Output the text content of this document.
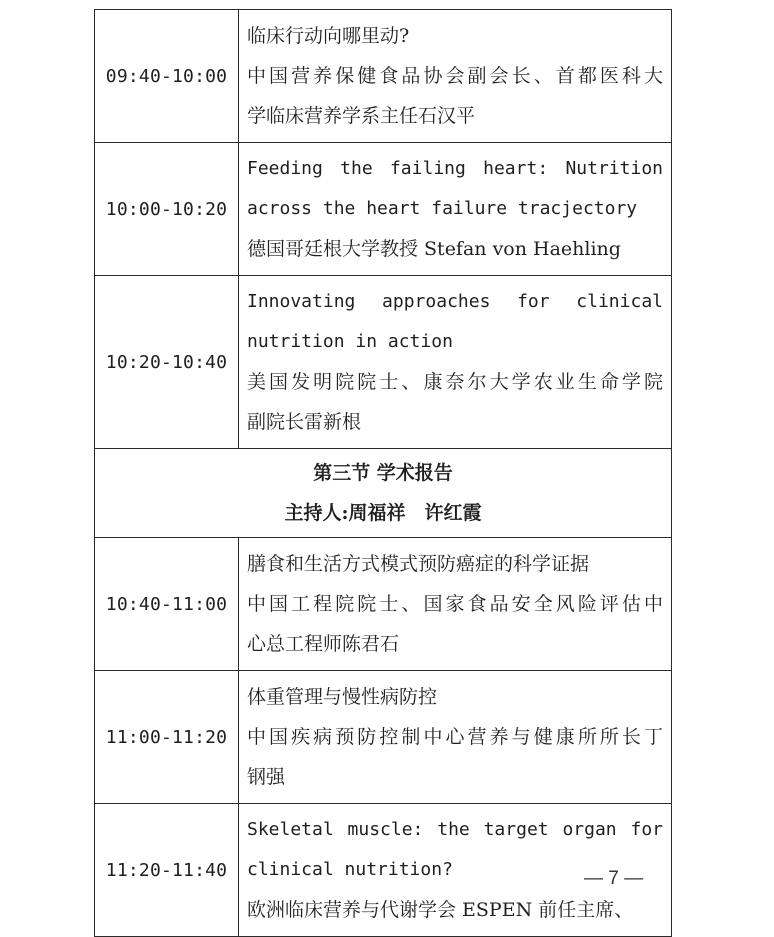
09:40-10:00	临床行动向哪里动?
中国营养保健食品协会副会长、首都医科大
学临床营养学系主任石汉平

10:00-10:20	Feeding the failing heart: Nutrition
across the heart failure tracjectory
德国哥廷根大学教授 Stefan von Haehling

10:20-10:40	Innovating approaches for clinical
nutrition in action
美国发明院院士、康奈尔大学农业生命学院
副院长雷新根

第三节 学术报告
主持人:周福祥　许红霞	

10:40-11:00	膳食和生活方式模式预防癌症的科学证据
中国工程院院士、国家食品安全风险评估中
心总工程师陈君石

11:00-11:20	体重管理与慢性病防控
中国疾病预防控制中心营养与健康所所长丁
钢强

11:20-11:40	Skeletal muscle: the target organ for
clinical nutrition?
欧洲临床营养与代谢学会 ESPEN 前任主席、
— 7 —
